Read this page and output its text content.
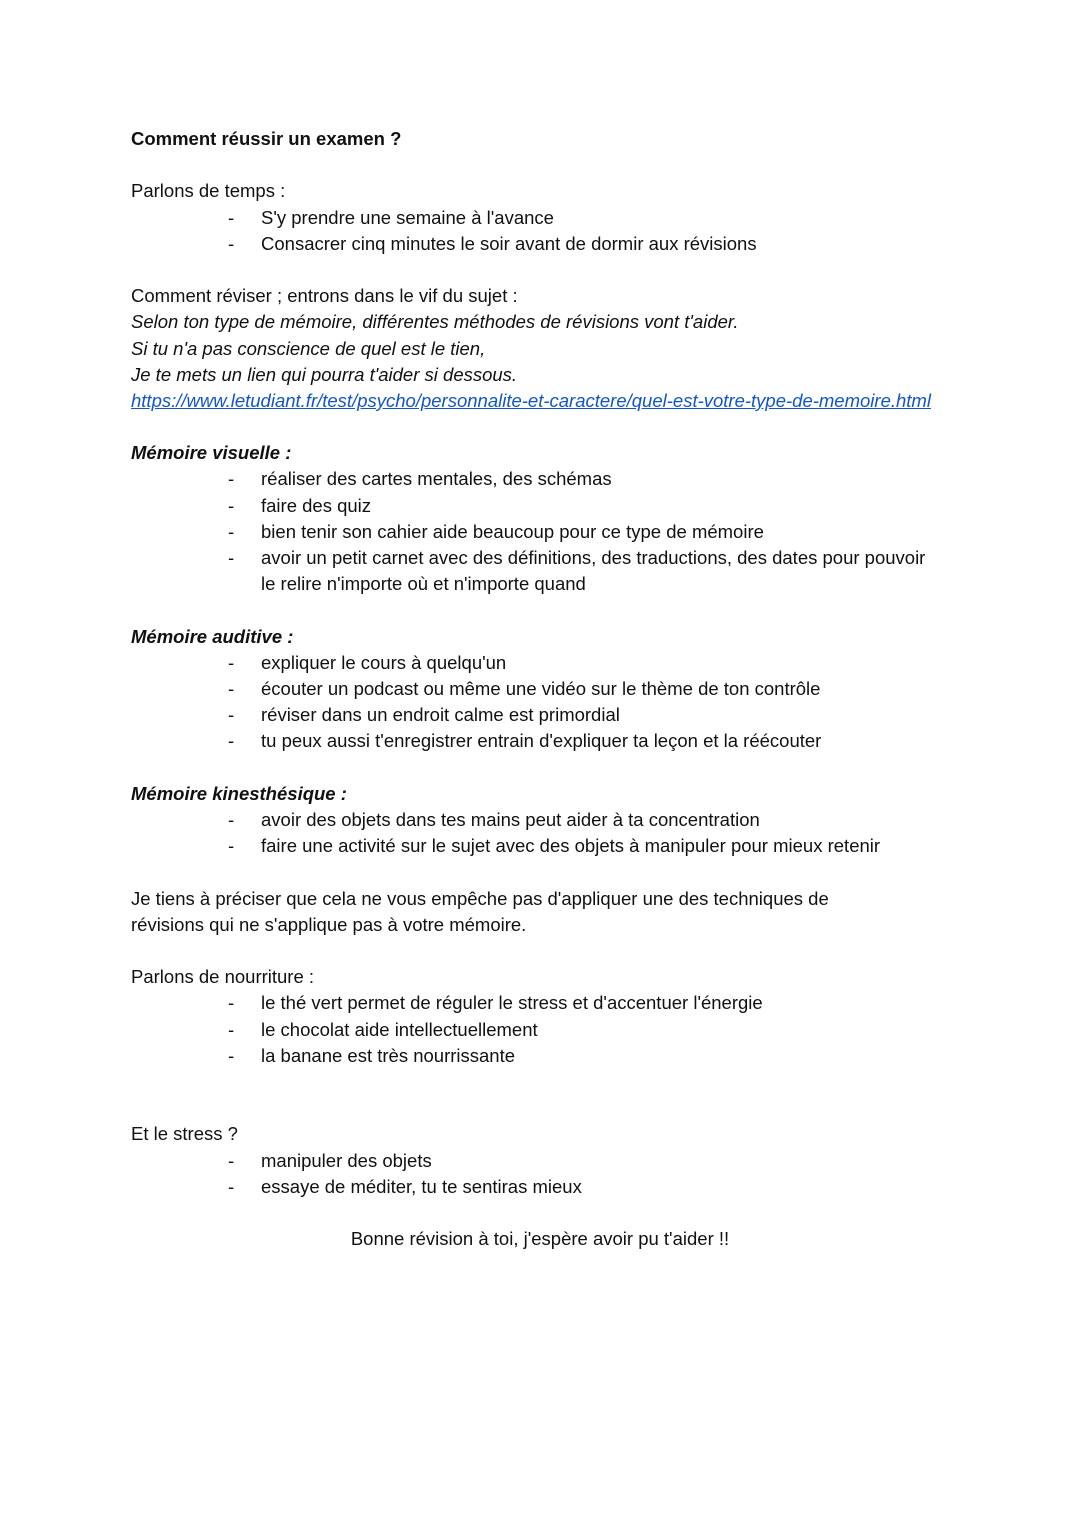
Comment réussir un examen ?
Parlons de temps :
- S'y prendre une semaine à l'avance
- Consacrer cinq minutes le soir avant de dormir aux révisions
Comment réviser ; entrons dans le vif du sujet :
Selon ton type de mémoire, différentes méthodes de révisions vont t'aider.
Si tu n'a pas conscience de quel est le tien,
Je te mets un lien qui pourra t'aider si dessous.
https://www.letudiant.fr/test/psycho/personnalite-et-caractere/quel-est-votre-type-de-memoire.html
Mémoire visuelle :
- réaliser des cartes mentales, des schémas
- faire des quiz
- bien tenir son cahier aide beaucoup pour ce type de mémoire
- avoir un petit carnet avec des définitions, des traductions, des dates pour pouvoir le relire n'importe où et n'importe quand
Mémoire auditive :
- expliquer le cours à quelqu'un
- écouter un podcast ou même une vidéo sur le thème de ton contrôle
- réviser dans un endroit calme est primordial
- tu peux aussi t'enregistrer entrain d'expliquer ta leçon et la réécouter
Mémoire kinesthésique :
- avoir des objets dans tes mains peut aider à ta concentration
- faire une activité sur le sujet avec des objets à manipuler pour mieux retenir
Je tiens à préciser que cela ne vous empêche pas d'appliquer une des techniques de
révisions qui ne s'applique pas à votre mémoire.
Parlons de nourriture :
- le thé vert permet de réguler le stress et d'accentuer l'énergie
- le chocolat aide intellectuellement
- la banane est très nourrissante
Et le stress ?
- manipuler des objets
- essaye de méditer, tu te sentiras mieux
Bonne révision à toi, j'espère avoir pu t'aider !!
